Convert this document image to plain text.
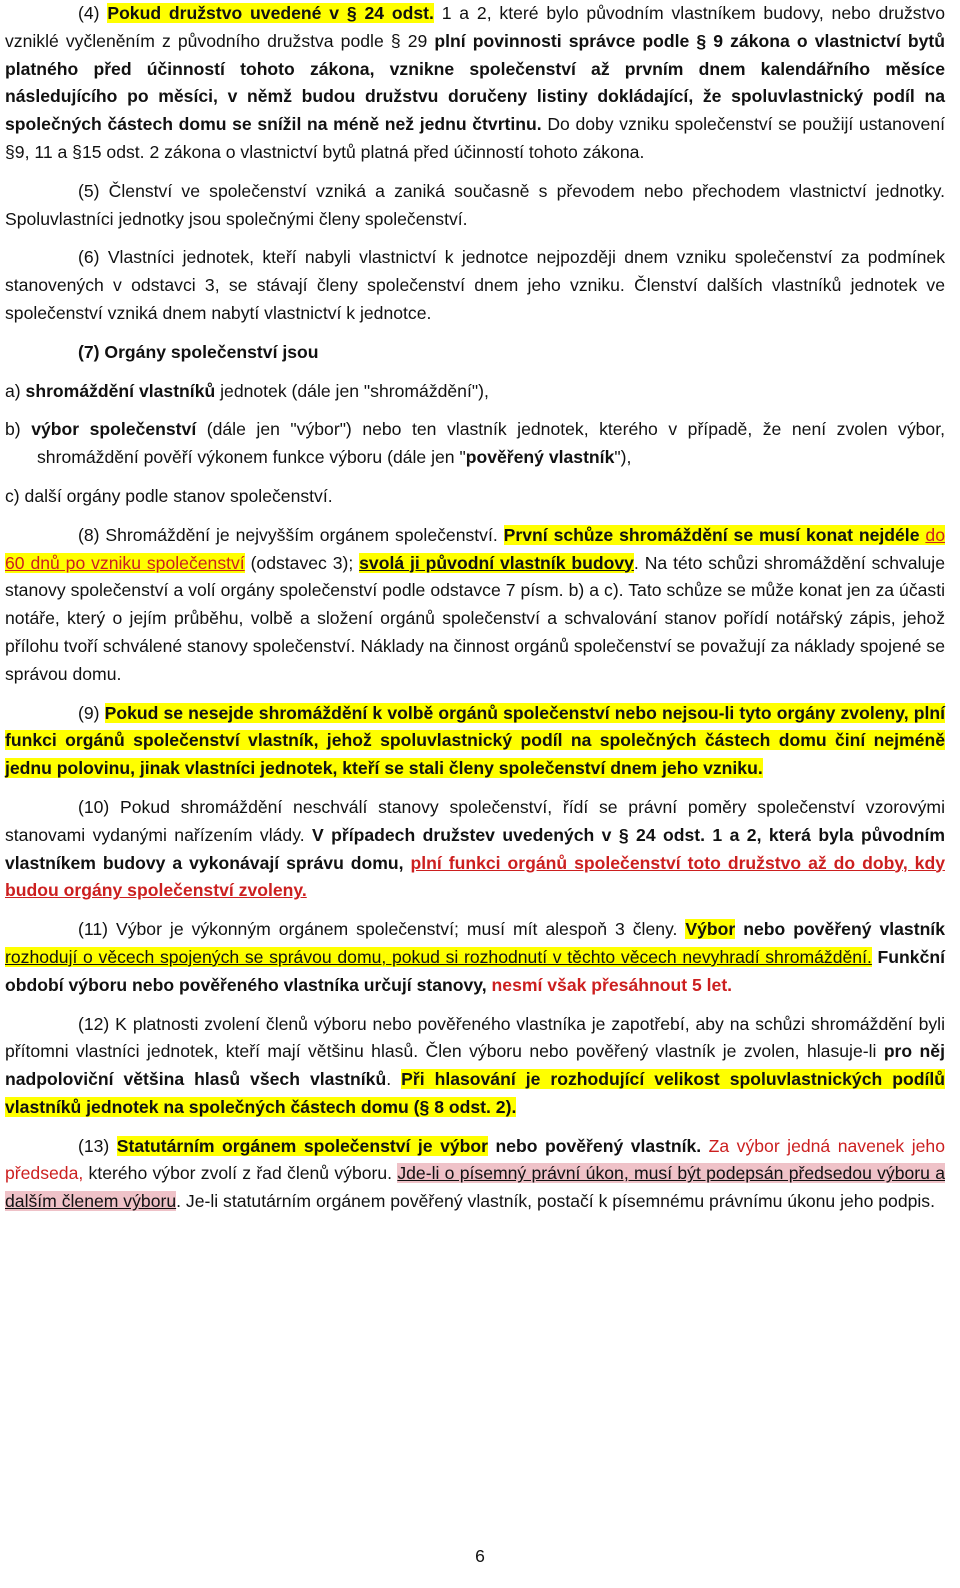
(4) Pokud družstvo uvedené v § 24 odst. 1 a 2, které bylo původním vlastníkem budovy, nebo družstvo vzniklé vyčleněním z původního družstva podle § 29 plní povinnosti správce podle § 9 zákona o vlastnictví bytů platného před účinností tohoto zákona, vznikne společenství až prvním dnem kalendářního měsíce následujícího po měsíci, v němž budou družstvu doručeny listiny dokládající, že spoluvlastnický podíl na společných částech domu se snížil na méně než jednu čtvrtinu. Do doby vzniku společenství se použijí ustanovení §9, 11 a §15 odst. 2 zákona o vlastnictví bytů platná před účinností tohoto zákona.

(5) Členství ve společenství vzniká a zaniká současně s převodem nebo přechodem vlastnictví jednotky. Spoluvlastníci jednotky jsou společnými členy společenství.

(6) Vlastníci jednotek, kteří nabyli vlastnictví k jednotce nejpozději dnem vzniku společenství za podmínek stanovených v odstavci 3, se stávají členy společenství dnem jeho vzniku. Členství dalších vlastníků jednotek ve společenství vzniká dnem nabytí vlastnictví k jednotce.

(7) Orgány společenství jsou

a) shromáždění vlastníků jednotek (dále jen "shromáždění"),

b) výbor společenství (dále jen "výbor") nebo ten vlastník jednotek, kterého v případě, že není zvolen výbor, shromáždění pověří výkonem funkce výboru (dále jen "pověřený vlastník"),

c) další orgány podle stanov společenství.

(8) Shromáždění je nejvyšším orgánem společenství. První schůze shromáždění se musí konat nejdéle do 60 dnů po vzniku společenství (odstavec 3); svolá ji původní vlastník budovy. Na této schůzi shromáždění schvaluje stanovy společenství a volí orgány společenství podle odstavce 7 písm. b) a c). Tato schůze se může konat jen za účasti notáře, který o jejím průběhu, volbě a složení orgánů společenství a schvalování stanov pořídí notářský zápis, jehož přílohu tvoří schválené stanovy společenství. Náklady na činnost orgánů společenství se považují za náklady spojené se správou domu.

(9) Pokud se nesejde shromáždění k volbě orgánů společenství nebo nejsou-li tyto orgány zvoleny, plní funkci orgánů společenství vlastník, jehož spoluvlastnický podíl na společných částech domu činí nejméně jednu polovinu, jinak vlastníci jednotek, kteří se stali členy společenství dnem jeho vzniku.

(10) Pokud shromáždění neschválí stanovy společenství, řídí se právní poměry společenství vzorovými stanovami vydanými nařízením vlády. V případech družstev uvedených v § 24 odst. 1 a 2, která byla původním vlastníkem budovy a vykonávají správu domu, plní funkci orgánů společenství toto družstvo až do doby, kdy budou orgány společenství zvoleny.

(11) Výbor je výkonným orgánem společenství; musí mít alespoň 3 členy. Výbor nebo pověřený vlastník rozhodují o věcech spojených se správou domu, pokud si rozhodnutí v těchto věcech nevyhradí shromáždění. Funkční období výboru nebo pověřeného vlastníka určují stanovy, nesmí však přesáhnout 5 let.

(12) K platnosti zvolení členů výboru nebo pověřeného vlastníka je zapotřebí, aby na schůzi shromáždění byli přítomni vlastníci jednotek, kteří mají většinu hlasů. Člen výboru nebo pověřený vlastník je zvolen, hlasuje-li pro něj nadpoloviční většina hlasů všech vlastníků. Při hlasování je rozhodující velikost spoluvlastnických podílů vlastníků jednotek na společných částech domu (§ 8 odst. 2).

(13) Statutárním orgánem společenství je výbor nebo pověřený vlastník. Za výbor jedná navenek jeho předseda, kterého výbor zvolí z řad členů výboru. Jde-li o písemný právní úkon, musí být podepsán předsedou výboru a dalším členem výboru. Je-li statutárním orgánem pověřený vlastník, postačí k písemnému právnímu úkonu jeho podpis.

6
